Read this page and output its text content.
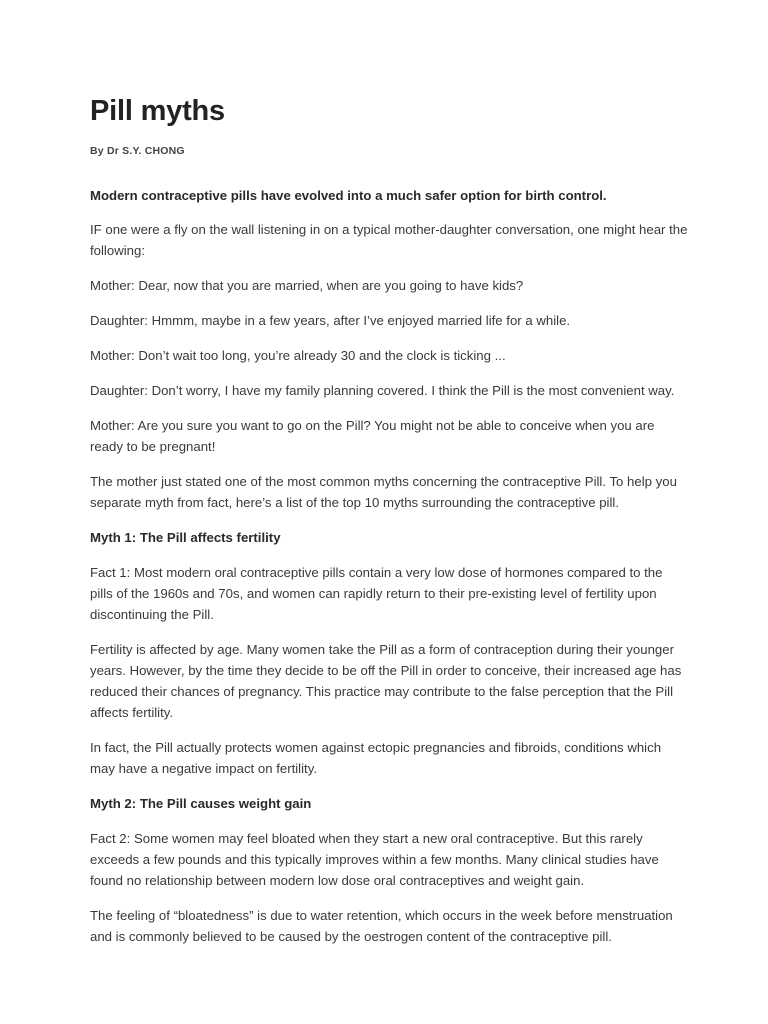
Pill myths
By Dr S.Y. CHONG

Modern contraceptive pills have evolved into a much safer option for birth control.

IF one were a fly on the wall listening in on a typical mother-daughter conversation, one might hear the following:

Mother: Dear, now that you are married, when are you going to have kids?

Daughter: Hmmm, maybe in a few years, after I’ve enjoyed married life for a while.

Mother: Don’t wait too long, you’re already 30 and the clock is ticking ...

Daughter: Don’t worry, I have my family planning covered. I think the Pill is the most convenient way.

Mother: Are you sure you want to go on the Pill? You might not be able to conceive when you are ready to be pregnant!

The mother just stated one of the most common myths concerning the contraceptive Pill. To help you separate myth from fact, here’s a list of the top 10 myths surrounding the contraceptive pill.

Myth 1: The Pill affects fertility

Fact 1: Most modern oral contraceptive pills contain a very low dose of hormones compared to the pills of the 1960s and 70s, and women can rapidly return to their pre-existing level of fertility upon discontinuing the Pill.

Fertility is affected by age. Many women take the Pill as a form of contraception during their younger years. However, by the time they decide to be off the Pill in order to conceive, their increased age has reduced their chances of pregnancy. This practice may contribute to the false perception that the Pill affects fertility.

In fact, the Pill actually protects women against ectopic pregnancies and fibroids, conditions which may have a negative impact on fertility.

Myth 2: The Pill causes weight gain

Fact 2: Some women may feel bloated when they start a new oral contraceptive. But this rarely exceeds a few pounds and this typically improves within a few months. Many clinical studies have found no relationship between modern low dose oral contraceptives and weight gain.

The feeling of “bloatedness” is due to water retention, which occurs in the week before menstruation and is commonly believed to be caused by the oestrogen content of the contraceptive pill.
